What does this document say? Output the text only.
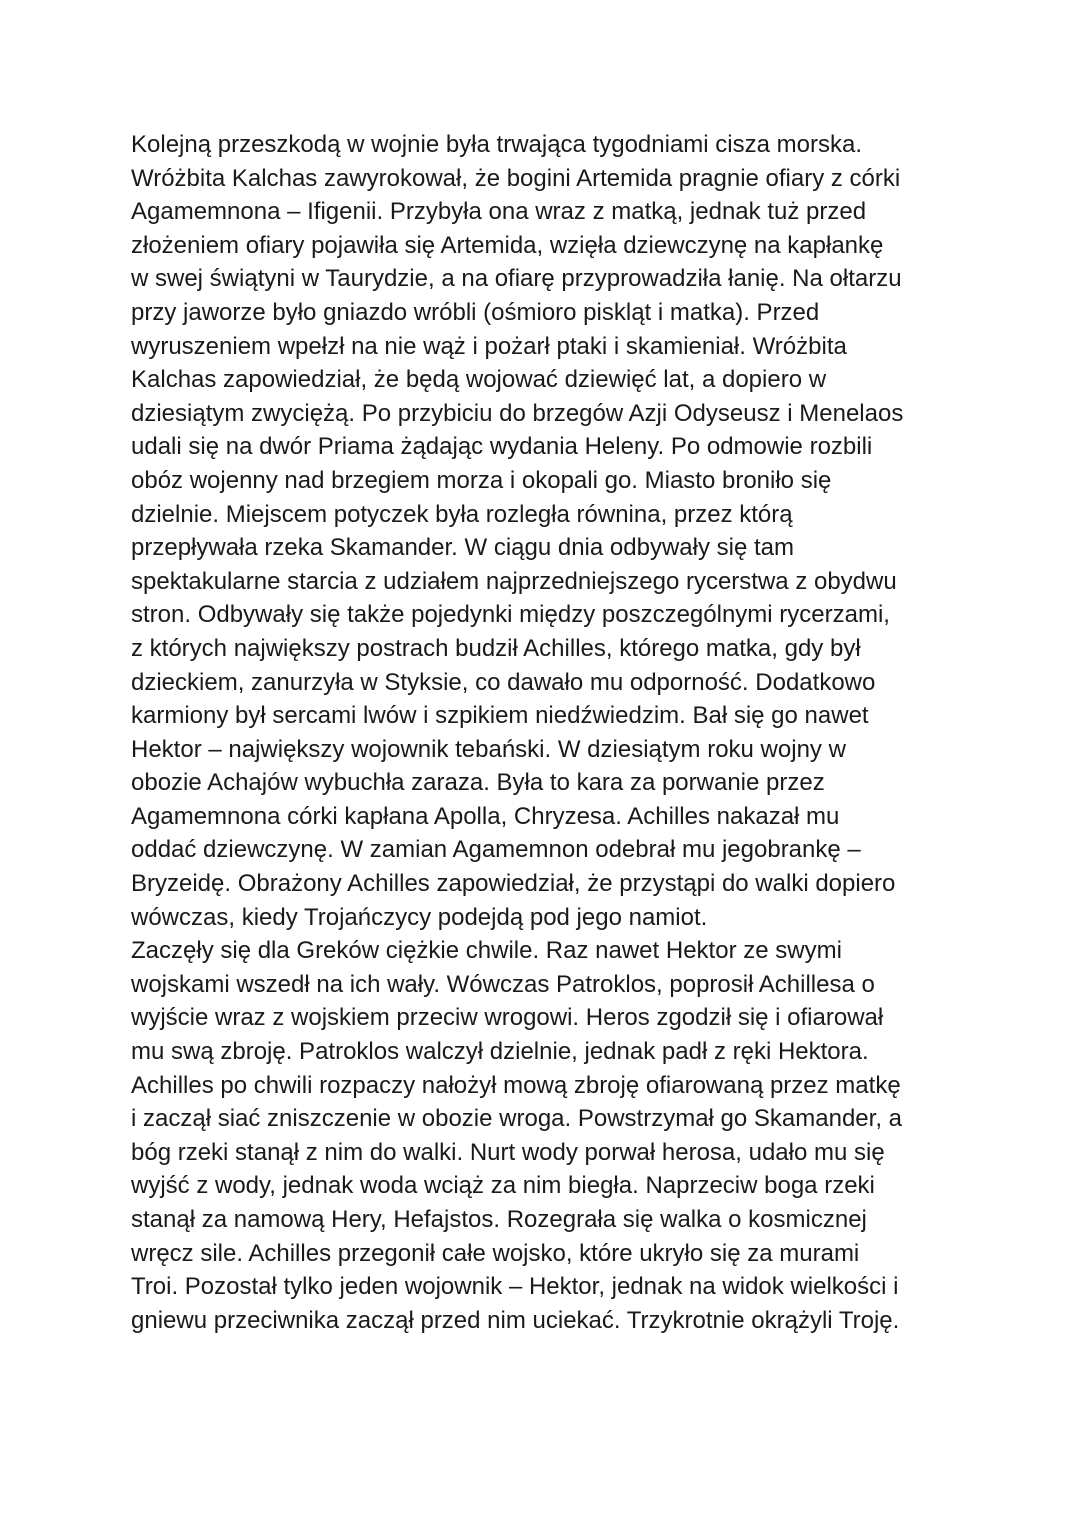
Kolejną przeszkodą w wojnie była trwająca tygodniami cisza morska.
Wróżbita Kalchas zawyrokował, że bogini Artemida pragnie ofiary z córki
Agamemnona – Ifigenii. Przybyła ona wraz z matką, jednak tuż przed
złożeniem ofiary pojawiła się Artemida, wzięła dziewczynę na kapłankę
w swej świątyni w Taurydzie, a na ofiarę przyprowadziła łanię. Na ołtarzu
przy jaworze było gniazdo wróbli (ośmioro piskląt i matka). Przed
wyruszeniem wpełzł na nie wąż i pożarł ptaki i skamieniał. Wróżbita
Kalchas zapowiedział, że będą wojować dziewięć lat, a dopiero w
dziesiątym zwyciężą. Po przybiciu do brzegów Azji Odyseusz i Menelaos
udali się na dwór Priama żądając wydania Heleny. Po odmowie rozbili
obóz wojenny nad brzegiem morza i okopali go. Miasto broniło się
dzielnie. Miejscem potyczek była rozległa równina, przez którą
przepływała rzeka Skamander. W ciągu dnia odbywały się tam
spektakularne starcia z udziałem najprzedniejszego rycerstwa z obydwu
stron. Odbywały się także pojedynki między poszczególnymi rycerzami,
z których największy postrach budził Achilles, którego matka, gdy był
dzieckiem, zanurzyła w Styksie, co dawało mu odporność. Dodatkowo
karmiony był sercami lwów i szpikiem niedźwiedzim. Bał się go nawet
Hektor – największy wojownik tebański. W dziesiątym roku wojny w
obozie Achajów wybuchła zaraza. Była to kara za porwanie przez
Agamemnona córki kapłana Apolla, Chryzesa. Achilles nakazał mu
oddać dziewczynę. W zamian Agamemnon odebrał mu jegobrankę –
Bryzeidę. Obrażony Achilles zapowiedział, że przystąpi do walki dopiero
wówczas, kiedy Trojańczycy podejdą pod jego namiot.
Zaczęły się dla Greków ciężkie chwile. Raz nawet Hektor ze swymi
wojskami wszedł na ich wały. Wówczas Patroklos, poprosił Achillesa o
wyjście wraz z wojskiem przeciw wrogowi. Heros zgodził się i ofiarował
mu swą zbroję. Patroklos walczył dzielnie, jednak padł z ręki Hektora.
Achilles po chwili rozpaczy nałożył mową zbroję ofiarowaną przez matkę
i zaczął siać zniszczenie w obozie wroga. Powstrzymał go Skamander, a
bóg rzeki stanął z nim do walki. Nurt wody porwał herosa, udało mu się
wyjść z wody, jednak woda wciąż za nim biegła. Naprzeciw boga rzeki
stanął za namową Hery, Hefajstos. Rozegrała się walka o kosmicznej
wręcz sile. Achilles przegonił całe wojsko, które ukryło się za murami
Troi. Pozostał tylko jeden wojownik – Hektor, jednak na widok wielkości i
gniewu przeciwnika zaczął przed nim uciekać. Trzykrotnie okrążyli Troję.
